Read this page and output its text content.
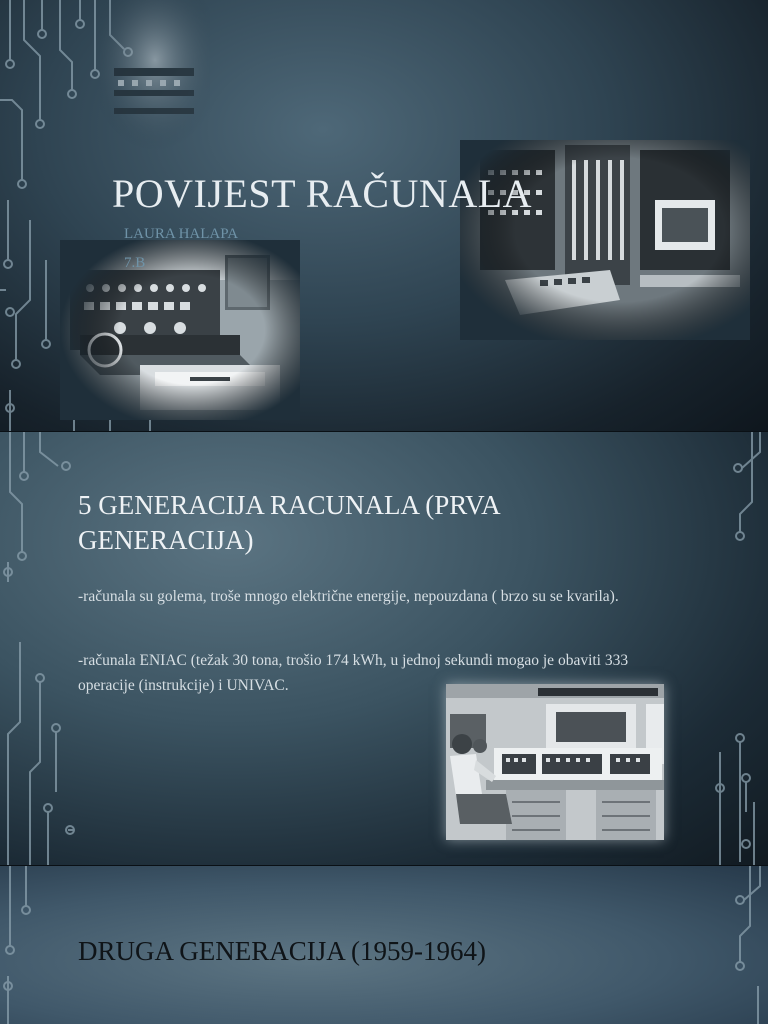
POVIJEST RAČUNALA
LAURA HALAPA
7.B
5 GENERACIJA RACUNALA (PRVA GENERACIJA)
-računala su golema, troše mnogo električne energije, nepouzdana ( brzo su se kvarila).
-računala ENIAC (težak 30 tona, trošio 174 kWh, u jednoj sekundi mogao je obaviti 333 operacije (instrukcije) i UNIVAC.
DRUGA GENERACIJA (1959-1964)
